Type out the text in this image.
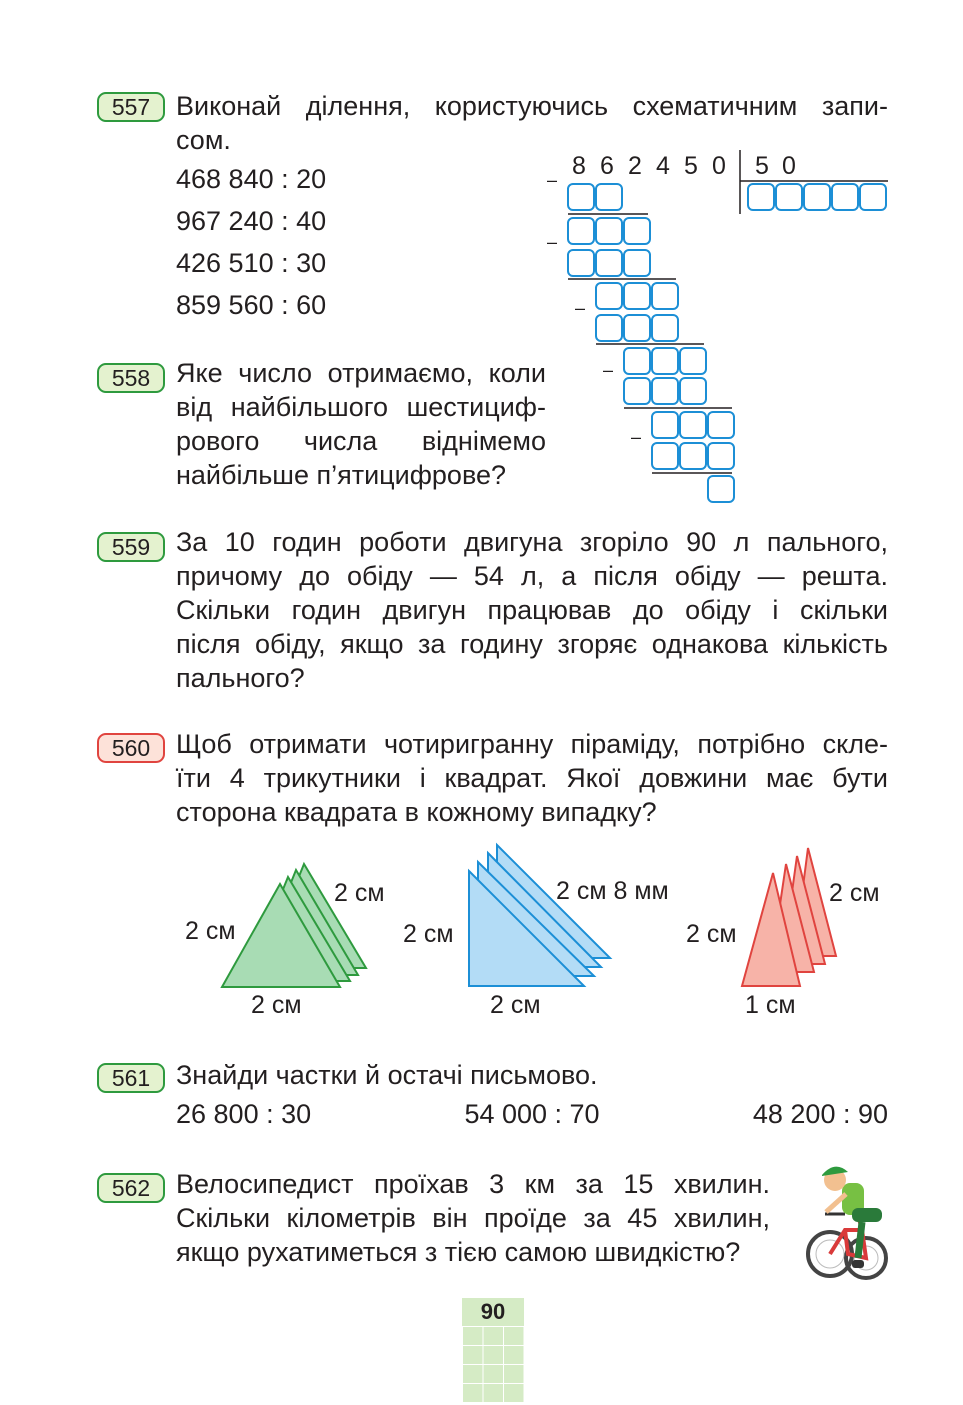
557 Виконай ділення, користуючись схематичним запи-
сом.
468 840 : 20
967 240 : 40
426 510 : 30
859 560 : 60
8 6 2 4 5 0 5 0
–
–
–
–
–
558 Яке число отримаємо, коли
від найбільшого шестициф-
рового числа віднімемо
найбільше п’ятицифрове?
559 За 10 годин роботи двигуна згоріло 90 л пального,
причому до обіду — 54 л, а після обіду — решта.
Скільки годин двигун працював до обіду і скільки
після обіду, якщо за годину згоряє однакова кількість
пального?
560 Щоб отримати чотиригранну піраміду, потрібно скле-
їти 4 трикутники і квадрат. Якої довжини має бути
сторона квадрата в кожному випадку?
2 см
2 см
2 см
2 см
2 см 8 мм
2 см
2 см
2 см
1 см
561 Знайди частки й остачі письмово.
26 800 : 30	54 000 : 70	48 200 : 90
562 Велосипедист проїхав 3 км за 15 хвилин.
Скільки кілометрів він проїде за 45 хвилин,
якщо рухатиметься з тією самою швидкістю?
90
